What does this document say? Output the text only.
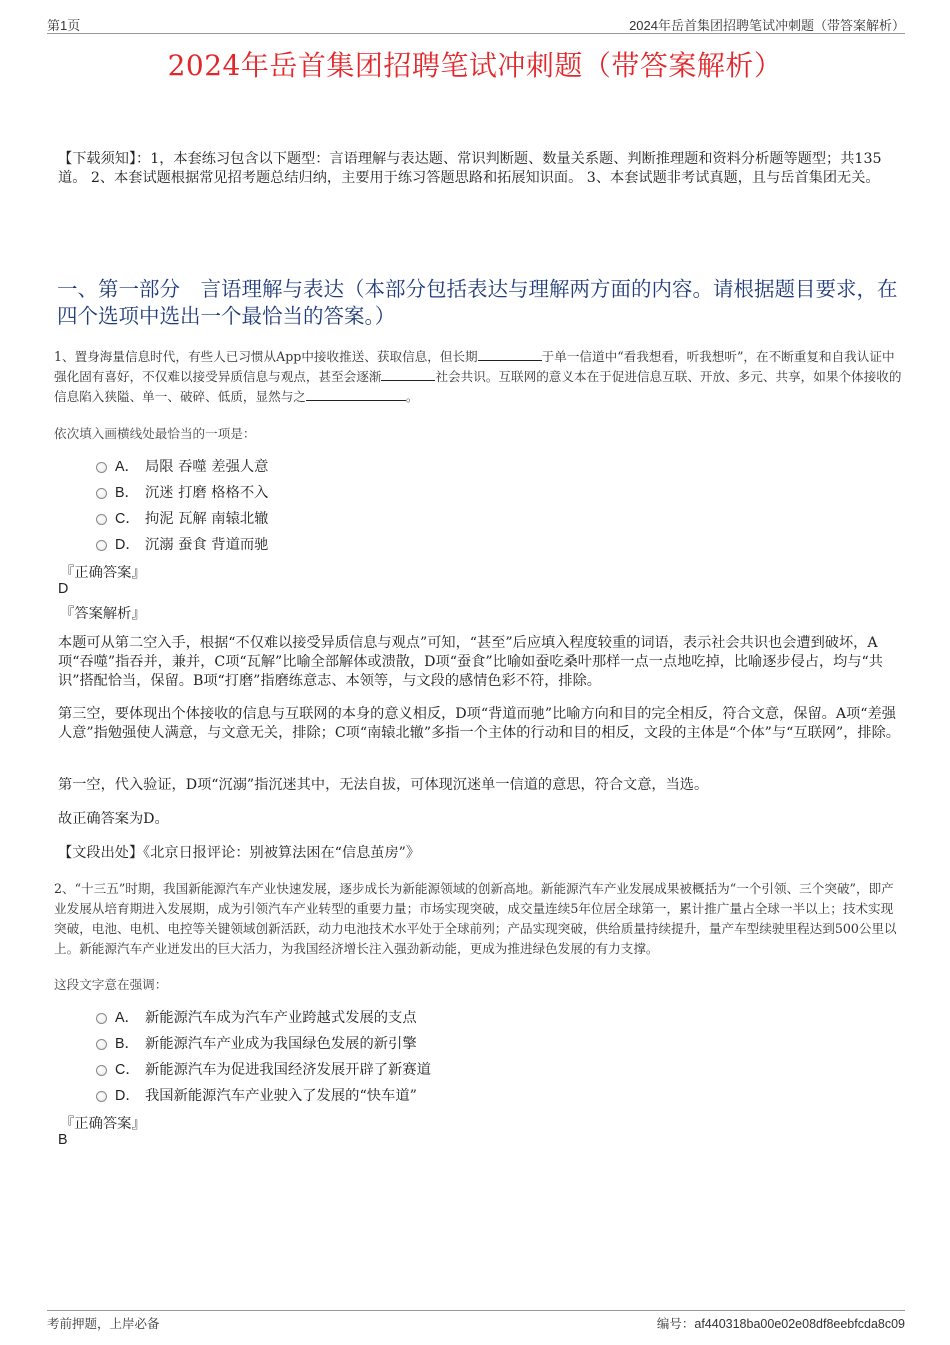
第1页	2024年岳首集团招聘笔试冲刺题（带答案解析）
2024年岳首集团招聘笔试冲刺题（带答案解析）
【下载须知】：1，本套练习包含以下题型：言语理解与表达题、常识判断题、数量关系题、判断推理题和资料分析题等题型；共135道。 2、本套试题根据常见招考题总结归纳，主要用于练习答题思路和拓展知识面。 3、本套试题非考试真题，且与岳首集团无关。
一、第一部分　言语理解与表达（本部分包括表达与理解两方面的内容。请根据题目要求，在四个选项中选出一个最恰当的答案。）
1、置身海量信息时代，有些人已习惯从App中接收推送、获取信息，但长期	于单一信道中“看我想看，听我想听”，在不断重复和自我认证中强化固有喜好，不仅难以接受异质信息与观点，甚至会逐渐	社会共识。互联网的意义本在于促进信息互联、开放、多元、共享，如果个体接收的信息陷入狭隘、单一、破碎、低质，显然与之	。
依次填入画横线处最恰当的一项是：
A． 局限 吞噬 差强人意
B． 沉迷 打磨 格格不入
C． 拘泥 瓦解 南辕北辙
D． 沉溺 蚕食 背道而驰
『正确答案』
D
『答案解析』
本题可从第二空入手，根据“不仅难以接受异质信息与观点”可知，“甚至”后应填入程度较重的词语，表示社会共识也会遭到破坏，A项“吞噬”指吞并，兼并，C项“瓦解”比喻全部解体或溃散，D项“蚕食”比喻如蚕吃桑叶那样一点一点地吃掉，比喻逐步侵占，均与“共识”搭配恰当，保留。B项“打磨”指磨练意志、本领等，与文段的感情色彩不符，排除。
第三空，要体现出个体接收的信息与互联网的本身的意义相反，D项“背道而驰”比喻方向和目的完全相反，符合文意，保留。A项“差强人意”指勉强使人满意，与文意无关，排除；C项“南辕北辙”多指一个主体的行动和目的相反，文段的主体是“个体”与“互联网”，排除。
第一空，代入验证，D项“沉溺”指沉迷其中，无法自拔，可体现沉迷单一信道的意思，符合文意，当选。
故正确答案为D。
【文段出处】《北京日报评论：别被算法困在“信息茧房”》
2、“十三五”时期，我国新能源汽车产业快速发展，逐步成长为新能源领域的创新高地。新能源汽车产业发展成果被概括为“一个引领、三个突破”，即产业发展从培育期进入发展期，成为引领汽车产业转型的重要力量；市场实现突破，成交量连续5年位居全球第一，累计推广量占全球一半以上；技术实现突破，电池、电机、电控等关键领域创新活跃，动力电池技术水平处于全球前列；产品实现突破，供给质量持续提升，量产车型续驶里程达到500公里以上。新能源汽车产业迸发出的巨大活力，为我国经济增长注入强劲新动能，更成为推进绿色发展的有力支撑。
这段文字意在强调：
A． 新能源汽车成为汽车产业跨越式发展的支点
B． 新能源汽车产业成为我国绿色发展的新引擎
C． 新能源汽车为促进我国经济发展开辟了新赛道
D． 我国新能源汽车产业驶入了发展的“快车道”
『正确答案』
B
考前押题，上岸必备	编号：af440318ba00e02e08df8eebfcda8c09
